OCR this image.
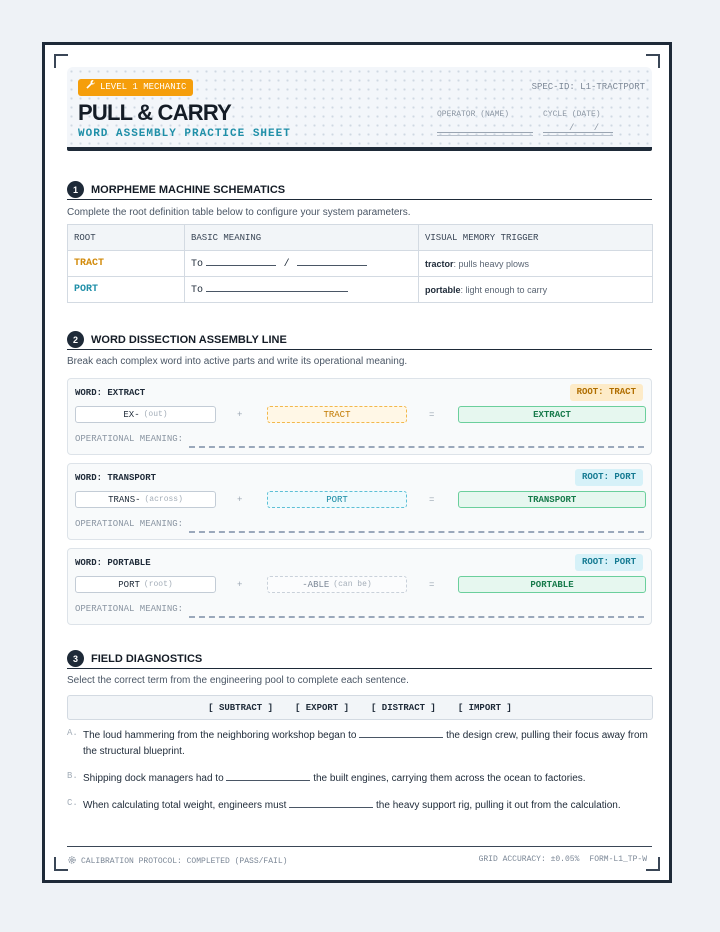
LEVEL 1 MECHANIC
PULL & CARRY
WORD ASSEMBLY PRACTICE SHEET
SPEC-ID: L1-TRACTPORT
OPERATOR (NAME)	CYCLE (DATE)
/ /
1	MORPHEME MACHINE SCHEMATICS
Complete the root definition table below to configure your system parameters.
ROOT	BASIC MEANING	VISUAL MEMORY TRIGGER
TRACT	To /	tractor: pulls heavy plows
PORT	To	portable: light enough to carry
2	WORD DISSECTION ASSEMBLY LINE
Break each complex word into active parts and write its operational meaning.
WORD: EXTRACT	ROOT: TRACT
EX- (out)	+	TRACT	=	EXTRACT
OPERATIONAL MEANING:
WORD: TRANSPORT	ROOT: PORT
TRANS- (across)	+	PORT	=	TRANSPORT
OPERATIONAL MEANING:
WORD: PORTABLE	ROOT: PORT
PORT (root)	+	-ABLE (can be)	=	PORTABLE
OPERATIONAL MEANING:
3	FIELD DIAGNOSTICS
Select the correct term from the engineering pool to complete each sentence.
[ SUBTRACT ] [ EXPORT ] [ DISTRACT ] [ IMPORT ]
A. The loud hammering from the neighboring workshop began to	the design crew, pulling their focus away from the structural blueprint.
B. Shipping dock managers had to	the built engines, carrying them across the ocean to factories.
C. When calculating total weight, engineers must	the heavy support rig, pulling it out from the calculation.
CALIBRATION PROTOCOL: COMPLETED (PASS/FAIL)	GRID ACCURACY: ±0.05% FORM-L1_TP-W
